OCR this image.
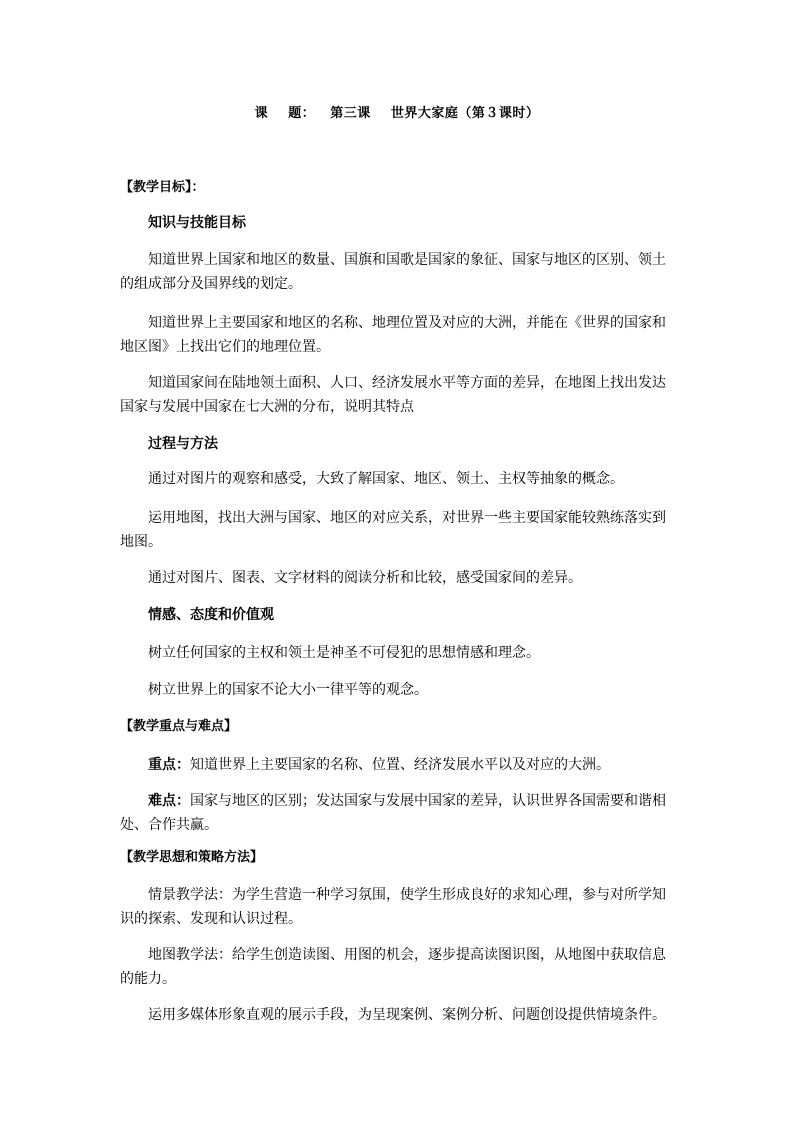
课    题：   第三课    世界大家庭（第３课时）
【教学目标】：
知识与技能目标
知道世界上国家和地区的数量、国旗和国歌是国家的象征、国家与地区的区别、领土的组成部分及国界线的划定。
知道世界上主要国家和地区的名称、地理位置及对应的大洲，并能在《世界的国家和地区图》上找出它们的地理位置。
知道国家间在陆地领土面积、人口、经济发展水平等方面的差异，在地图上找出发达国家与发展中国家在七大洲的分布，说明其特点
过程与方法
通过对图片的观察和感受，大致了解国家、地区、领土、主权等抽象的概念。
运用地图，找出大洲与国家、地区的对应关系，对世界一些主要国家能较熟练落实到地图。
通过对图片、图表、文字材料的阅读分析和比较，感受国家间的差异。
情感、态度和价值观
树立任何国家的主权和领土是神圣不可侵犯的思想情感和理念。
树立世界上的国家不论大小一律平等的观念。
【教学重点与难点】
重点：知道世界上主要国家的名称、位置、经济发展水平以及对应的大洲。
难点：国家与地区的区别；发达国家与发展中国家的差异，认识世界各国需要和谐相处、合作共赢。
【教学思想和策略方法】
情景教学法：为学生营造一种学习氛围，使学生形成良好的求知心理，参与对所学知识的探索、发现和认识过程。
地图教学法：给学生创造读图、用图的机会，逐步提高读图识图，从地图中获取信息的能力。
运用多媒体形象直观的展示手段，为呈现案例、案例分析、问题创设提供情境条件。
